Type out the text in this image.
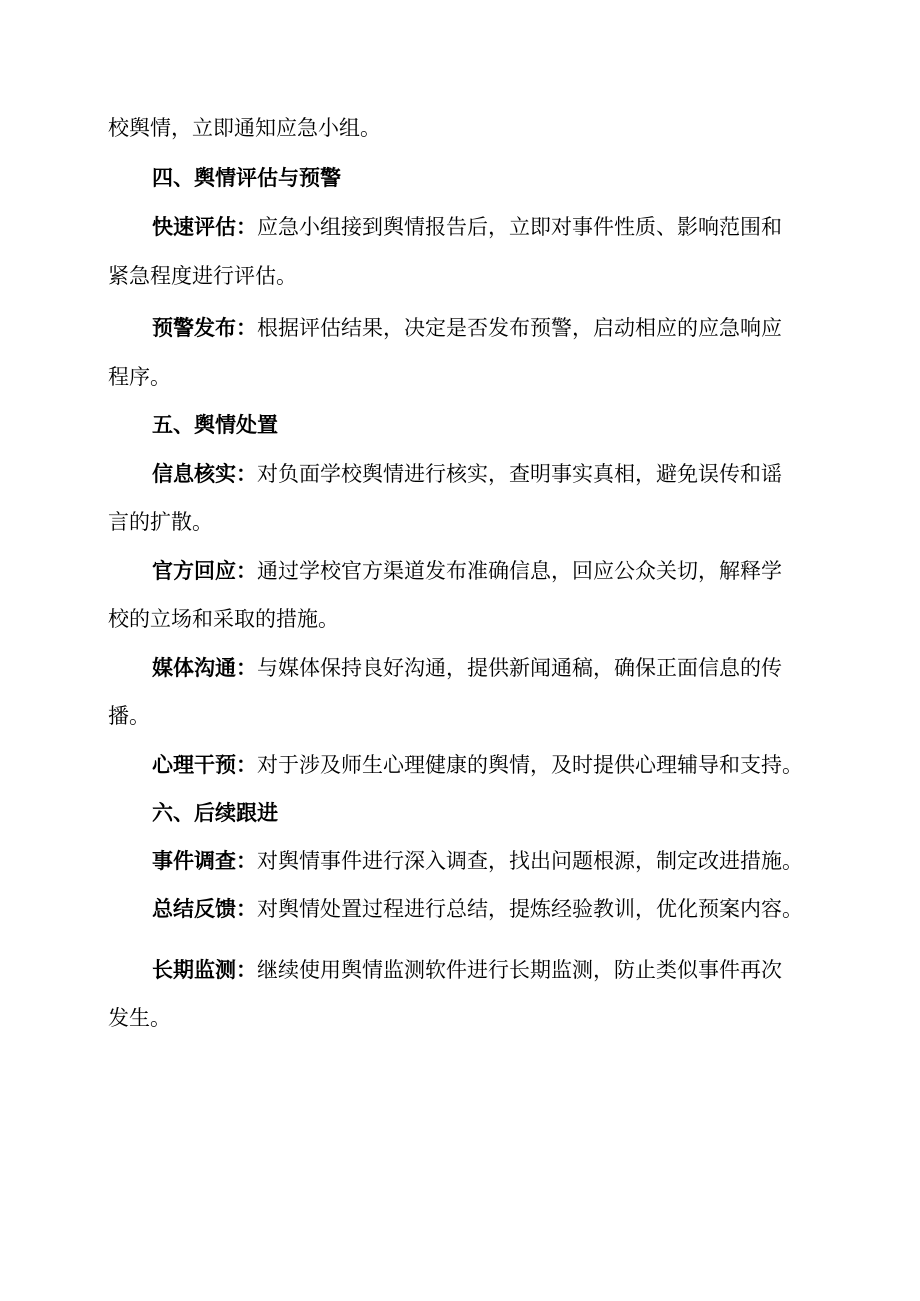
校舆情，立即通知应急小组。
四、舆情评估与预警
快速评估：应急小组接到舆情报告后，立即对事件性质、影响范围和
紧急程度进行评估。
预警发布：根据评估结果，决定是否发布预警，启动相应的应急响应
程序。
五、舆情处置
信息核实：对负面学校舆情进行核实，查明事实真相，避免误传和谣
言的扩散。
官方回应：通过学校官方渠道发布准确信息，回应公众关切，解释学
校的立场和采取的措施。
媒体沟通：与媒体保持良好沟通，提供新闻通稿，确保正面信息的传
播。
心理干预：对于涉及师生心理健康的舆情，及时提供心理辅导和支持。
六、后续跟进
事件调查：对舆情事件进行深入调查，找出问题根源，制定改进措施。
总结反馈：对舆情处置过程进行总结，提炼经验教训，优化预案内容。
长期监测：继续使用舆情监测软件进行长期监测，防止类似事件再次
发生。
